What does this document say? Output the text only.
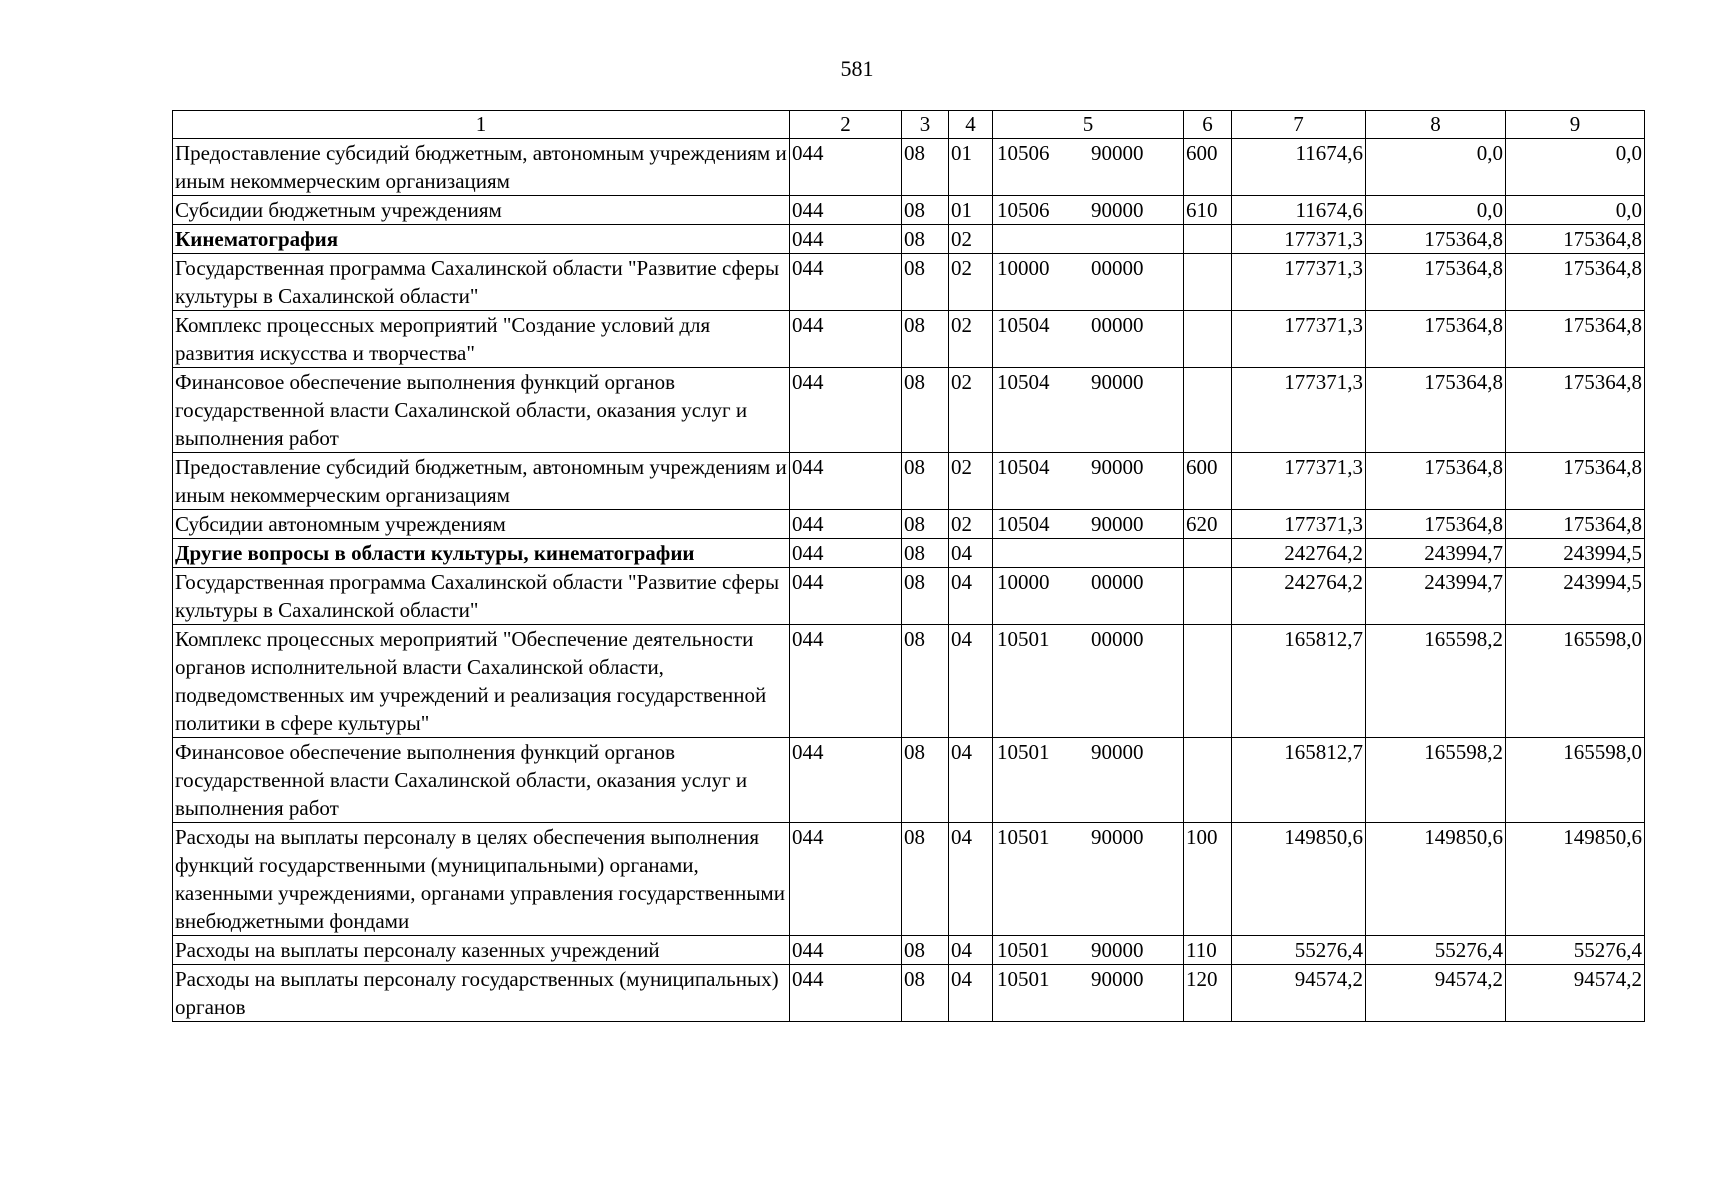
581
1	2	3	4	5	6	7	8	9
Предоставление субсидий бюджетным, автономным учреждениям и иным некоммерческим организациям	044	08	01	10506 90000	600	11674,6	0,0	0,0
Субсидии бюджетным учреждениям	044	08	01	10506 90000	610	11674,6	0,0	0,0
Кинематография	044	08	02			177371,3	175364,8	175364,8
Государственная программа Сахалинской области "Развитие сферы культуры в Сахалинской области"	044	08	02	10000 00000		177371,3	175364,8	175364,8
Комплекс процессных мероприятий "Создание условий для развития искусства и творчества"	044	08	02	10504 00000		177371,3	175364,8	175364,8
Финансовое обеспечение выполнения функций органов государственной власти Сахалинской области, оказания услуг и выполнения работ	044	08	02	10504 90000		177371,3	175364,8	175364,8
Предоставление субсидий бюджетным, автономным учреждениям и иным некоммерческим организациям	044	08	02	10504 90000	600	177371,3	175364,8	175364,8
Субсидии автономным учреждениям	044	08	02	10504 90000	620	177371,3	175364,8	175364,8
Другие вопросы в области культуры, кинематографии	044	08	04			242764,2	243994,7	243994,5
Государственная программа Сахалинской области "Развитие сферы культуры в Сахалинской области"	044	08	04	10000 00000		242764,2	243994,7	243994,5
Комплекс процессных мероприятий "Обеспечение деятельности органов исполнительной власти Сахалинской области, подведомственных им учреждений и реализация государственной политики в сфере культуры"	044	08	04	10501 00000		165812,7	165598,2	165598,0
Финансовое обеспечение выполнения функций органов государственной власти Сахалинской области, оказания услуг и выполнения работ	044	08	04	10501 90000		165812,7	165598,2	165598,0
Расходы на выплаты персоналу в целях обеспечения выполнения функций государственными (муниципальными) органами, казенными учреждениями, органами управления государственными внебюджетными фондами	044	08	04	10501 90000	100	149850,6	149850,6	149850,6
Расходы на выплаты персоналу казенных учреждений	044	08	04	10501 90000	110	55276,4	55276,4	55276,4
Расходы на выплаты персоналу государственных (муниципальных) органов	044	08	04	10501 90000	120	94574,2	94574,2	94574,2
